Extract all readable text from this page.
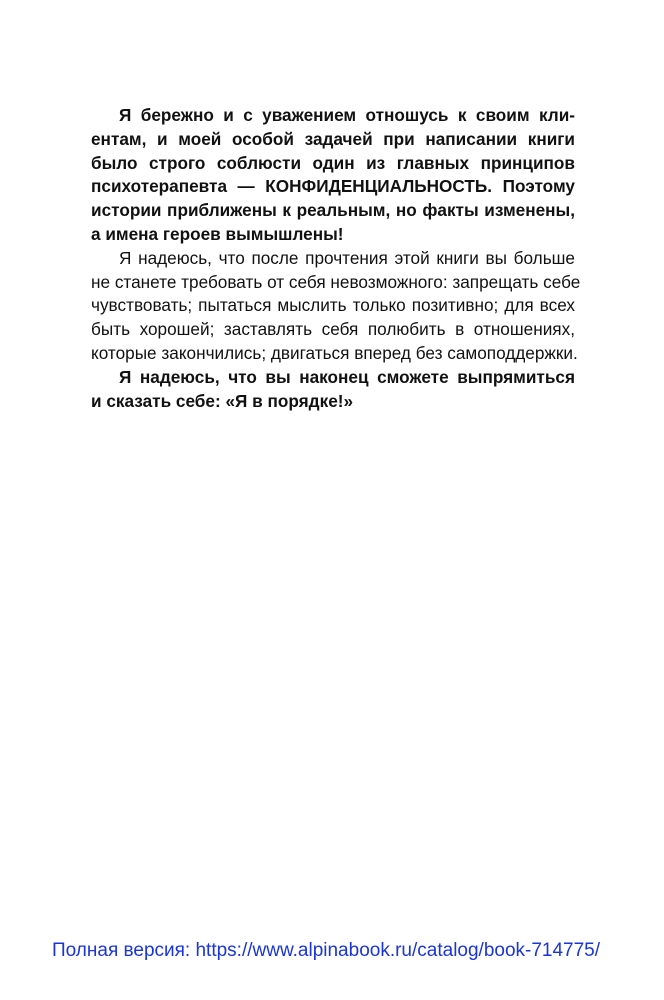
Я бережно и с уважением отношусь к своим кли-
ентам, и моей особой задачей при написании книги
было строго соблюсти один из главных принципов
психотерапевта — КОНФИДЕНЦИАЛЬНОСТЬ. Поэтому
истории приближены к реальным, но факты изменены,
а имена героев вымышлены!
Я надеюсь, что после прочтения этой книги вы больше
не станете требовать от себя невозможного: запрещать себе
чувствовать; пытаться мыслить только позитивно; для всех
быть хорошей; заставлять себя полюбить в отношениях,
которые закончились; двигаться вперед без самоподдержки.
Я надеюсь, что вы наконец сможете выпрямиться
и сказать себе: «Я в порядке!»
Полная версия: https://www.alpinabook.ru/catalog/book-714775/
